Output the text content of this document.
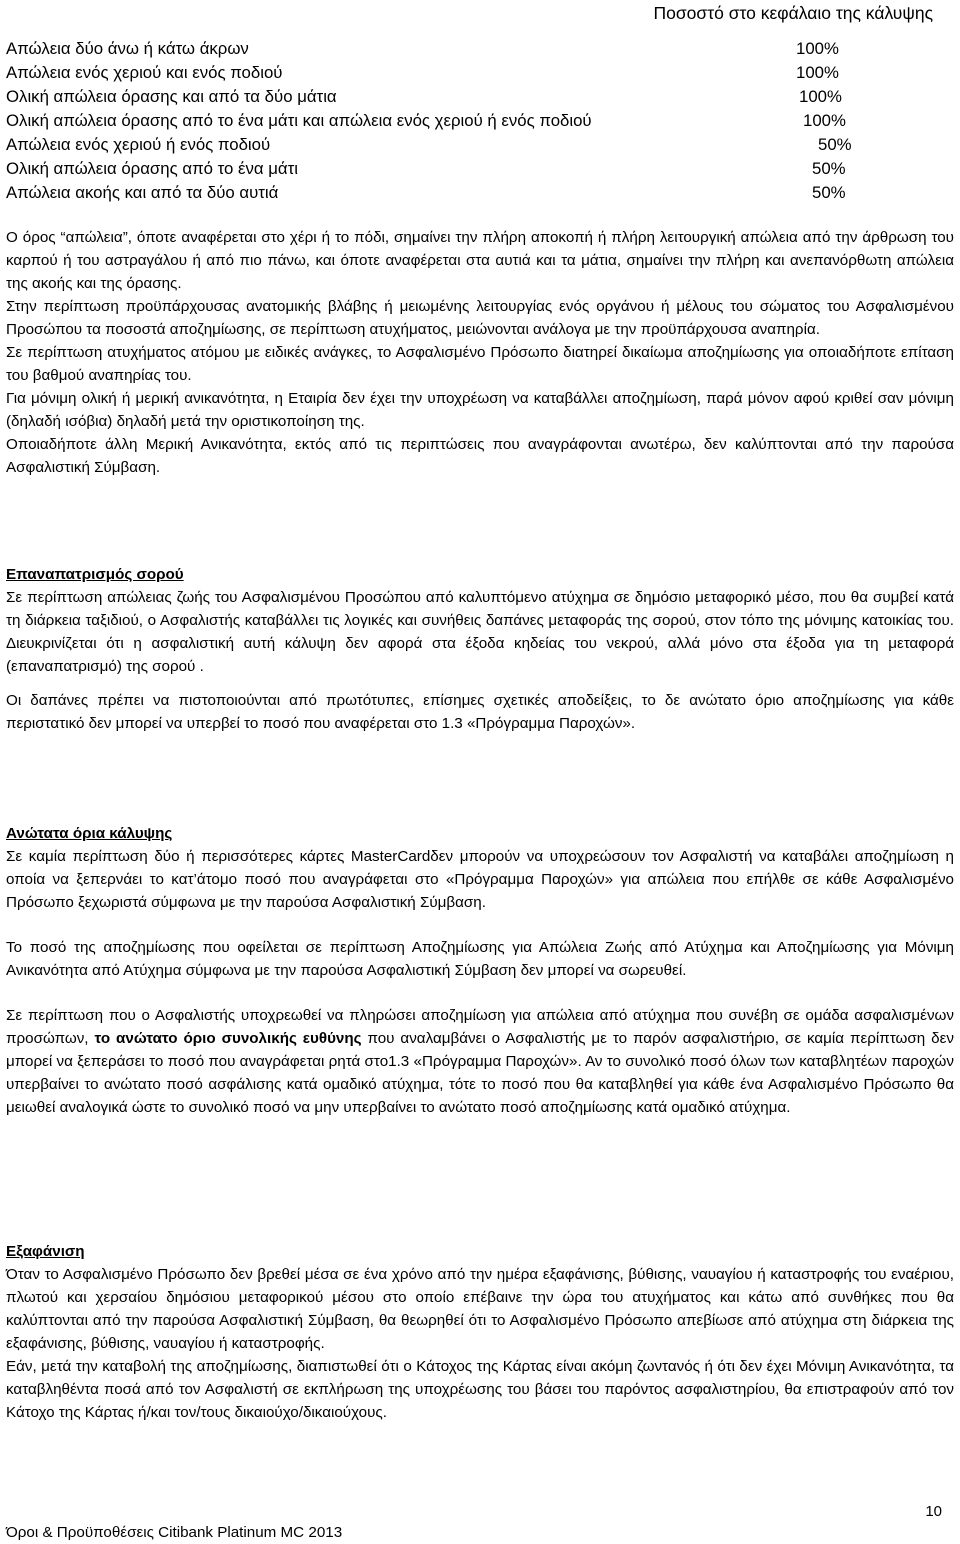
Ποσοστό στο κεφάλαιο της κάλυψης
Απώλεια δύο άνω ή κάτω άκρων	100%
Απώλεια ενός χεριού και ενός ποδιού	100%
Ολική απώλεια όρασης και από τα δύο μάτια	100%
Ολική απώλεια όρασης από το ένα μάτι και απώλεια ενός χεριού ή ενός ποδιού	100%
Απώλεια ενός χεριού ή ενός ποδιού	50%
Ολική απώλεια όρασης από το ένα μάτι	50%
Απώλεια ακοής και από τα δύο αυτιά	50%

Ο όρος “απώλεια”, όποτε αναφέρεται στο χέρι ή το πόδι, σημαίνει την πλήρη αποκοπή ή πλήρη λειτουργική απώλεια από την άρθρωση του καρπού ή του αστραγάλου ή από πιο πάνω, και όποτε αναφέρεται στα αυτιά και τα μάτια, σημαίνει την πλήρη και ανεπανόρθωτη απώλεια της ακοής και της όρασης.

Στην περίπτωση προϋπάρχουσας ανατομικής βλάβης ή μειωμένης λειτουργίας ενός οργάνου ή μέλους του σώματος του Ασφαλισμένου Προσώπου τα ποσοστά αποζημίωσης, σε περίπτωση ατυχήματος, μειώνονται ανάλογα με την προϋπάρχουσα αναπηρία.

Σε περίπτωση ατυχήματος ατόμου με ειδικές ανάγκες, το Ασφαλισμένο Πρόσωπο διατηρεί δικαίωμα αποζημίωσης για οποιαδήποτε επίταση του βαθμού αναπηρίας του.

Για μόνιμη ολική ή μερική ανικανότητα, η Εταιρία δεν έχει την υποχρέωση να καταβάλλει αποζημίωση, παρά μόνον αφού κριθεί σαν μόνιμη (δηλαδή ισόβια) δηλαδή μετά την οριστικοποίηση της.

Οποιαδήποτε άλλη Μερική Ανικανότητα, εκτός από τις περιπτώσεις που αναγράφονται ανωτέρω, δεν καλύπτονται από την παρούσα Ασφαλιστική Σύμβαση.

Επαναπατρισμός σορού

Σε περίπτωση απώλειας ζωής του Ασφαλισμένου Προσώπου από καλυπτόμενο ατύχημα σε δημόσιο μεταφορικό μέσο, που θα συμβεί κατά τη διάρκεια ταξιδιού, ο Ασφαλιστής καταβάλλει τις λογικές και συνήθεις δαπάνες μεταφοράς της σορού, στον τόπο της μόνιμης κατοικίας του. Διευκρινίζεται ότι η ασφαλιστική αυτή κάλυψη δεν αφορά στα έξοδα κηδείας του νεκρού, αλλά μόνο στα έξοδα για τη μεταφορά (επαναπατρισμό) της σορού .

Οι δαπάνες πρέπει να πιστοποιούνται από πρωτότυπες, επίσημες σχετικές αποδείξεις, το δε ανώτατο όριο αποζημίωσης για κάθε περιστατικό δεν μπορεί να υπερβεί το ποσό που αναφέρεται στο 1.3 «Πρόγραμμα Παροχών».

Ανώτατα όρια κάλυψης

Σε καμία περίπτωση δύο ή περισσότερες κάρτες MasterCardδεν μπορούν να υποχρεώσουν τον Ασφαλιστή να καταβάλει αποζημίωση η οποία να ξεπερνάει το κατ’άτομο ποσό που αναγράφεται στο «Πρόγραμμα Παροχών» για απώλεια που επήλθε σε κάθε Ασφαλισμένο Πρόσωπο ξεχωριστά σύμφωνα με την παρούσα Ασφαλιστική Σύμβαση.

Το ποσό της αποζημίωσης που οφείλεται σε περίπτωση Αποζημίωσης για Απώλεια Ζωής από Ατύχημα και Αποζημίωσης για Μόνιμη Ανικανότητα από Ατύχημα σύμφωνα με την παρούσα Ασφαλιστική Σύμβαση δεν μπορεί να σωρευθεί.

Σε περίπτωση που ο Ασφαλιστής υποχρεωθεί να πληρώσει αποζημίωση για απώλεια από ατύχημα που συνέβη σε ομάδα ασφαλισμένων προσώπων, το ανώτατο όριο συνολικής ευθύνης που αναλαμβάνει ο Ασφαλιστής με το παρόν ασφαλιστήριο, σε καμία περίπτωση δεν μπορεί να ξεπεράσει το ποσό που αναγράφεται ρητά στο1.3 «Πρόγραμμα Παροχών». Αν το συνολικό ποσό όλων των καταβλητέων παροχών υπερβαίνει το ανώτατο ποσό ασφάλισης κατά ομαδικό ατύχημα, τότε το ποσό που θα καταβληθεί για κάθε ένα Ασφαλισμένο Πρόσωπο θα μειωθεί αναλογικά ώστε το συνολικό ποσό να μην υπερβαίνει το ανώτατο ποσό αποζημίωσης κατά ομαδικό ατύχημα.

Εξαφάνιση

Όταν το Ασφαλισμένο Πρόσωπο δεν βρεθεί μέσα σε ένα χρόνο από την ημέρα εξαφάνισης, βύθισης, ναυαγίου ή καταστροφής του εναέριου, πλωτού και χερσαίου δημόσιου μεταφορικού μέσου στο οποίο επέβαινε την ώρα του ατυχήματος και κάτω από συνθήκες που θα καλύπτονται από την παρούσα Ασφαλιστική Σύμβαση, θα θεωρηθεί ότι το Ασφαλισμένο Πρόσωπο απεβίωσε από ατύχημα στη διάρκεια της εξαφάνισης, βύθισης, ναυαγίου ή καταστροφής.

Εάν, μετά την καταβολή της αποζημίωσης, διαπιστωθεί ότι ο Κάτοχος της Κάρτας είναι ακόμη ζωντανός ή ότι δεν έχει Μόνιμη Ανικανότητα, τα καταβληθέντα ποσά από τον Ασφαλιστή σε εκπλήρωση της υποχρέωσης του βάσει του παρόντος ασφαλιστηρίου, θα επιστραφούν από τον Κάτοχο της Κάρτας ή/και τον/τους δικαιούχο/δικαιούχους.

10
Όροι & Προϋποθέσεις Citibank Platinum MC 2013
